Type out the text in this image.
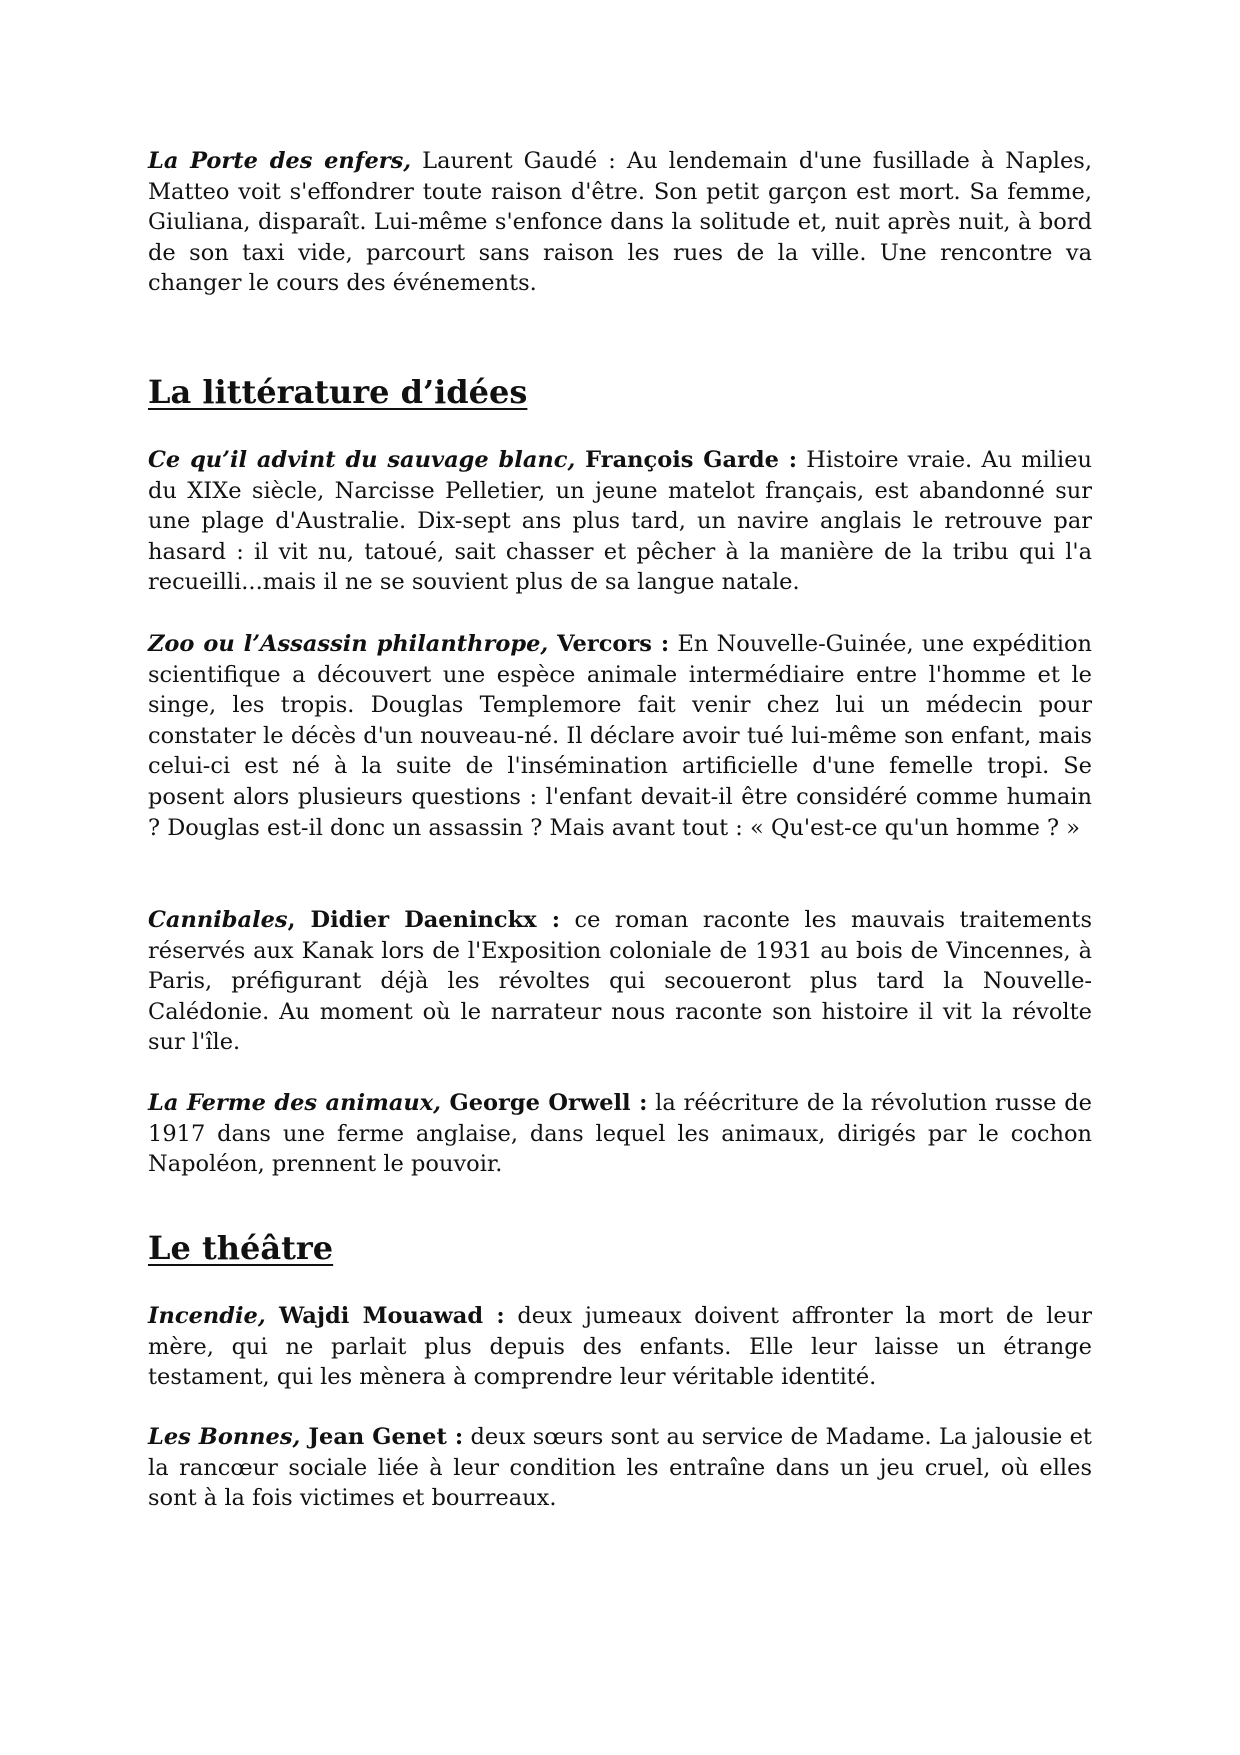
La Porte des enfers, Laurent Gaudé : Au lendemain d'une fusillade à Naples, Matteo voit s'effondrer toute raison d'être. Son petit garçon est mort. Sa femme, Giuliana, disparaît. Lui-même s'enfonce dans la solitude et, nuit après nuit, à bord de son taxi vide, parcourt sans raison les rues de la ville. Une rencontre va changer le cours des événements.

La littérature d’idées

Ce qu’il advint du sauvage blanc, François Garde : Histoire vraie. Au milieu du XIXe siècle, Narcisse Pelletier, un jeune matelot français, est abandonné sur une plage d'Australie. Dix-sept ans plus tard, un navire anglais le retrouve par hasard : il vit nu, tatoué, sait chasser et pêcher à la manière de la tribu qui l'a recueilli...mais il ne se souvient plus de sa langue natale.

Zoo ou l’Assassin philanthrope, Vercors : En Nouvelle-Guinée, une expédition scientifique a découvert une espèce animale intermédiaire entre l'homme et le singe, les tropis. Douglas Templemore fait venir chez lui un médecin pour constater le décès d'un nouveau-né. Il déclare avoir tué lui-même son enfant, mais celui-ci est né à la suite de l'insémination artificielle d'une femelle tropi. Se posent alors plusieurs questions : l'enfant devait-il être considéré comme humain ? Douglas est-il donc un assassin ? Mais avant tout : « Qu'est-ce qu'un homme ? »

Cannibales, Didier Daeninckx : ce roman raconte les mauvais traitements réservés aux Kanak lors de l'Exposition coloniale de 1931 au bois de Vincennes, à Paris, préfigurant déjà les révoltes qui secoueront plus tard la Nouvelle-Calédonie. Au moment où le narrateur nous raconte son histoire il vit la révolte sur l'île.

La Ferme des animaux, George Orwell : la réécriture de la révolution russe de 1917 dans une ferme anglaise, dans lequel les animaux, dirigés par le cochon Napoléon, prennent le pouvoir.

Le théâtre

Incendie, Wajdi Mouawad : deux jumeaux doivent affronter la mort de leur mère, qui ne parlait plus depuis des enfants. Elle leur laisse un étrange testament, qui les mènera à comprendre leur véritable identité.

Les Bonnes, Jean Genet : deux sœurs sont au service de Madame. La jalousie et la rancœur sociale liée à leur condition les entraîne dans un jeu cruel, où elles sont à la fois victimes et bourreaux.
